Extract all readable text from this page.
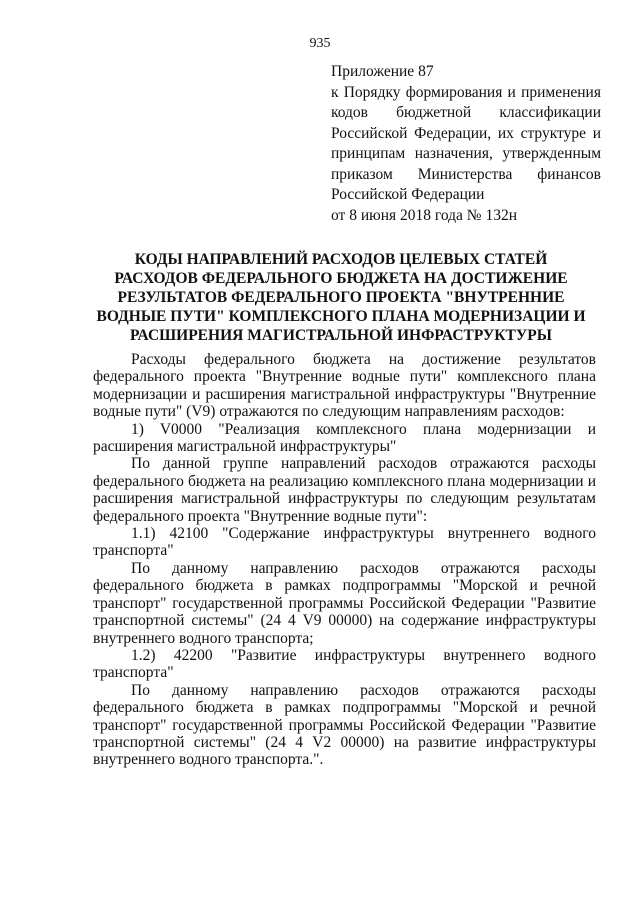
935

Приложение 87

к Порядку формирования и применения кодов бюджетной классификации Российской Федерации, их структуре и принципам назначения, утвержденным приказом Министерства финансов Российской Федерации

от 8 июня 2018 года № 132н

КОДЫ НАПРАВЛЕНИЙ РАСХОДОВ ЦЕЛЕВЫХ СТАТЕЙ
РАСХОДОВ ФЕДЕРАЛЬНОГО БЮДЖЕТА НА ДОСТИЖЕНИЕ
РЕЗУЛЬТАТОВ ФЕДЕРАЛЬНОГО ПРОЕКТА "ВНУТРЕННИЕ
ВОДНЫЕ ПУТИ" КОМПЛЕКСНОГО ПЛАНА МОДЕРНИЗАЦИИ И
РАСШИРЕНИЯ МАГИСТРАЛЬНОЙ ИНФРАСТРУКТУРЫ

Расходы федерального бюджета на достижение результатов федерального проекта "Внутренние водные пути" комплексного плана модернизации и расширения магистральной инфраструктуры "Внутренние водные пути" (V9) отражаются по следующим направлениям расходов:

1) V0000 "Реализация комплексного плана модернизации и расширения магистральной инфраструктуры"

По данной группе направлений расходов отражаются расходы федерального бюджета на реализацию комплексного плана модернизации и расширения магистральной инфраструктуры по следующим результатам федерального проекта "Внутренние водные пути":

1.1) 42100 "Содержание инфраструктуры внутреннего водного транспорта"

По данному направлению расходов отражаются расходы федерального бюджета в рамках подпрограммы "Морской и речной транспорт" государственной программы Российской Федерации "Развитие транспортной системы" (24 4 V9 00000) на содержание инфраструктуры внутреннего водного транспорта;

1.2) 42200 "Развитие инфраструктуры внутреннего водного транспорта"

По данному направлению расходов отражаются расходы федерального бюджета в рамках подпрограммы "Морской и речной транспорт" государственной программы Российской Федерации "Развитие транспортной системы" (24 4 V2 00000) на развитие инфраструктуры внутреннего водного транспорта.".
